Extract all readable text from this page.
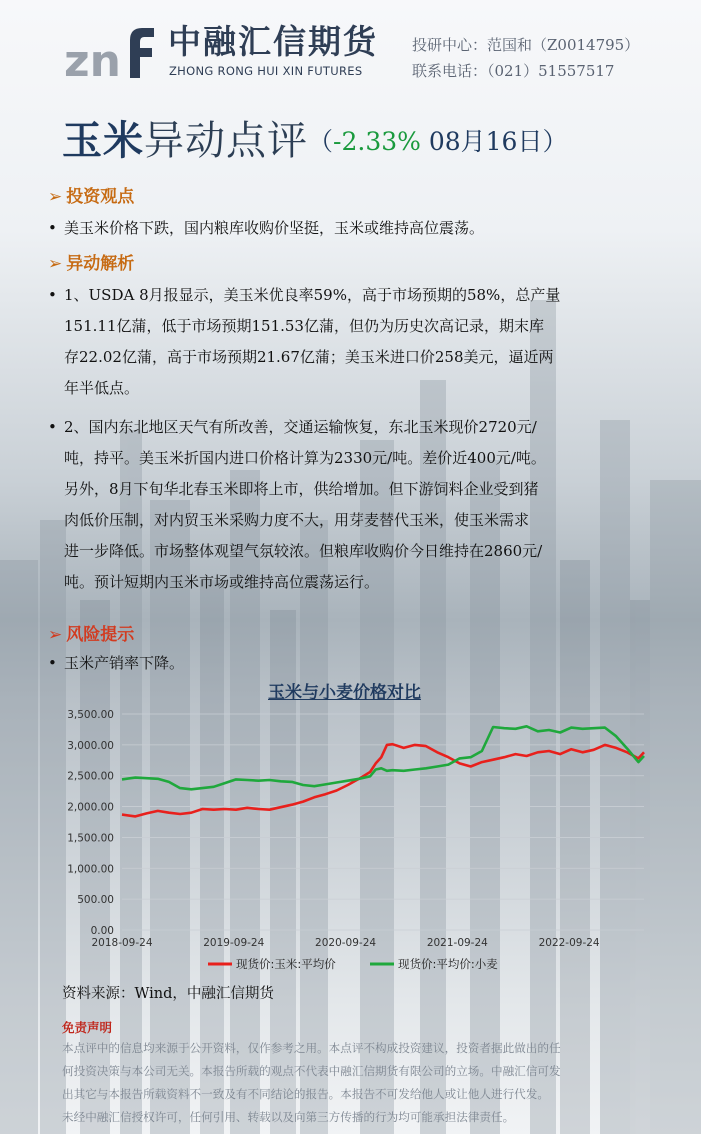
zn 中融汇信期货
ZHONG RONG HUI XIN FUTURES
投研中心：范国和（Z0014795）
联系电话：（021）51557517
玉米异动点评（-2.33% 08月16日）
➢ 投资观点
• 美玉米价格下跌，国内粮库收购价坚挺，玉米或维持高位震荡。
➢ 异动解析
• 1、USDA 8月报显示，美玉米优良率59%，高于市场预期的58%，总产量
151.11亿蒲，低于市场预期151.53亿蒲，但仍为历史次高记录，期末库
存22.02亿蒲，高于市场预期21.67亿蒲；美玉米进口价258美元，逼近两
年半低点。
• 2、国内东北地区天气有所改善，交通运输恢复，东北玉米现价2720元/
吨，持平。美玉米折国内进口价格计算为2330元/吨。差价近400元/吨。
另外，8月下旬华北春玉米即将上市，供给增加。但下游饲料企业受到猪
肉低价压制，对内贸玉米采购力度不大，用芽麦替代玉米，使玉米需求
进一步降低。市场整体观望气氛较浓。但粮库收购价今日维持在2860元/
吨。预计短期内玉米市场或维持高位震荡运行。
➢ 风险提示
• 玉米产销率下降。
玉米与小麦价格对比
0.00
500.00
1,000.00
1,500.00
2,000.00
2,500.00
3,000.00
3,500.00
2018-09-24	2019-09-24	2020-09-24	2021-09-24	2022-09-24
现货价:玉米:平均价	现货价:平均价:小麦
资料来源：Wind，中融汇信期货
免责声明
本点评中的信息均来源于公开资料，仅作参考之用。本点评不构成投资建议，投资者据此做出的任
何投资决策与本公司无关。本报告所载的观点不代表中融汇信期货有限公司的立场。中融汇信可发
出其它与本报告所载资料不一致及有不同结论的报告。本报告不可发给他人或让他人进行代发。
未经中融汇信授权许可，任何引用、转载以及向第三方传播的行为均可能承担法律责任。
